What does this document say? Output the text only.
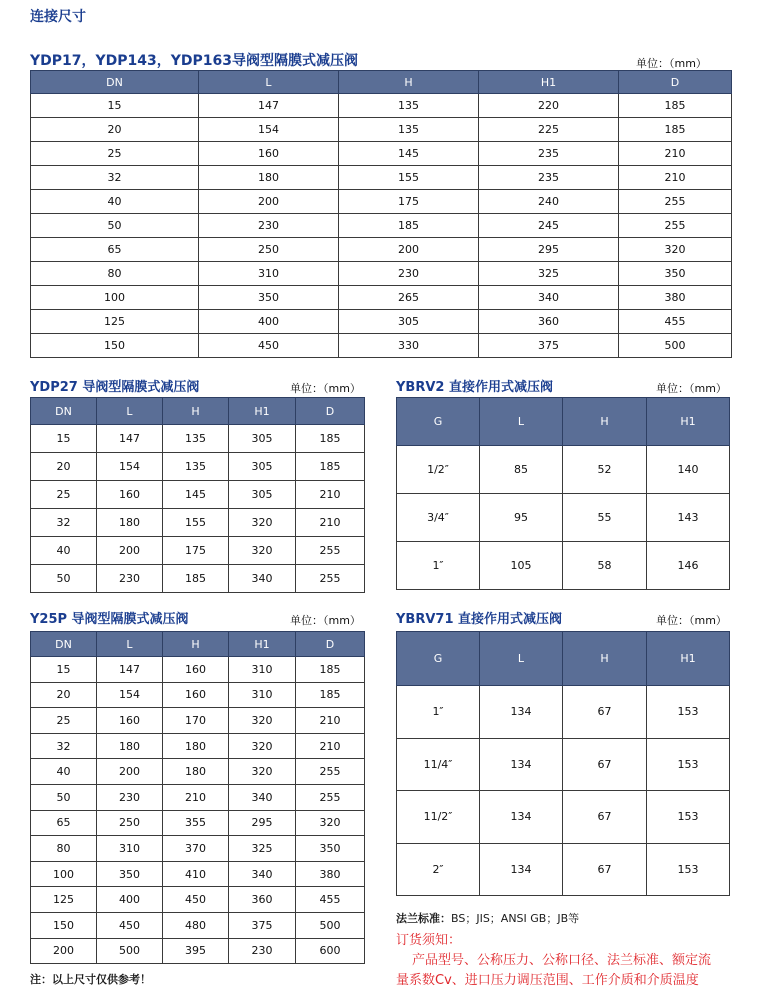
连接尺寸
YDP17，YDP143，YDP163导阀型隔膜式减压阀	单位：（mm）
DN	L	H	H1	D
15	147	135	220	185
20	154	135	225	185
25	160	145	235	210
32	180	155	235	210
40	200	175	240	255
50	230	185	245	255
65	250	200	295	320
80	310	230	325	350
100	350	265	340	380
125	400	305	360	455
150	450	330	375	500
YDP27 导阀型隔膜式减压阀	单位：（mm）
DN	L	H	H1	D
15	147	135	305	185
20	154	135	305	185
25	160	145	305	210
32	180	155	320	210
40	200	175	320	255
50	230	185	340	255
YBRV2 直接作用式减压阀	单位：（mm）
G	L	H	H1
1/2″	85	52	140
3/4″	95	55	143
1″	105	58	146
Y25P 导阀型隔膜式减压阀	单位：（mm）
DN	L	H	H1	D
15	147	160	310	185
20	154	160	310	185
25	160	170	320	210
32	180	180	320	210
40	200	180	320	255
50	230	210	340	255
65	250	355	295	320
80	310	370	325	350
100	350	410	340	380
125	400	450	360	455
150	450	480	375	500
200	500	395	230	600
YBRV71 直接作用式减压阀	单位：（mm）
G	L	H	H1
1″	134	67	153
11/4″	134	67	153
11/2″	134	67	153
2″	134	67	153
注：以上尺寸仅供参考！
法兰标准：BS；JIS；ANSI GB；JB等
订货须知：
产品型号、公称压力、公称口径、法兰标准、额定流
量系数Cv、进口压力调压范围、工作介质和介质温度
